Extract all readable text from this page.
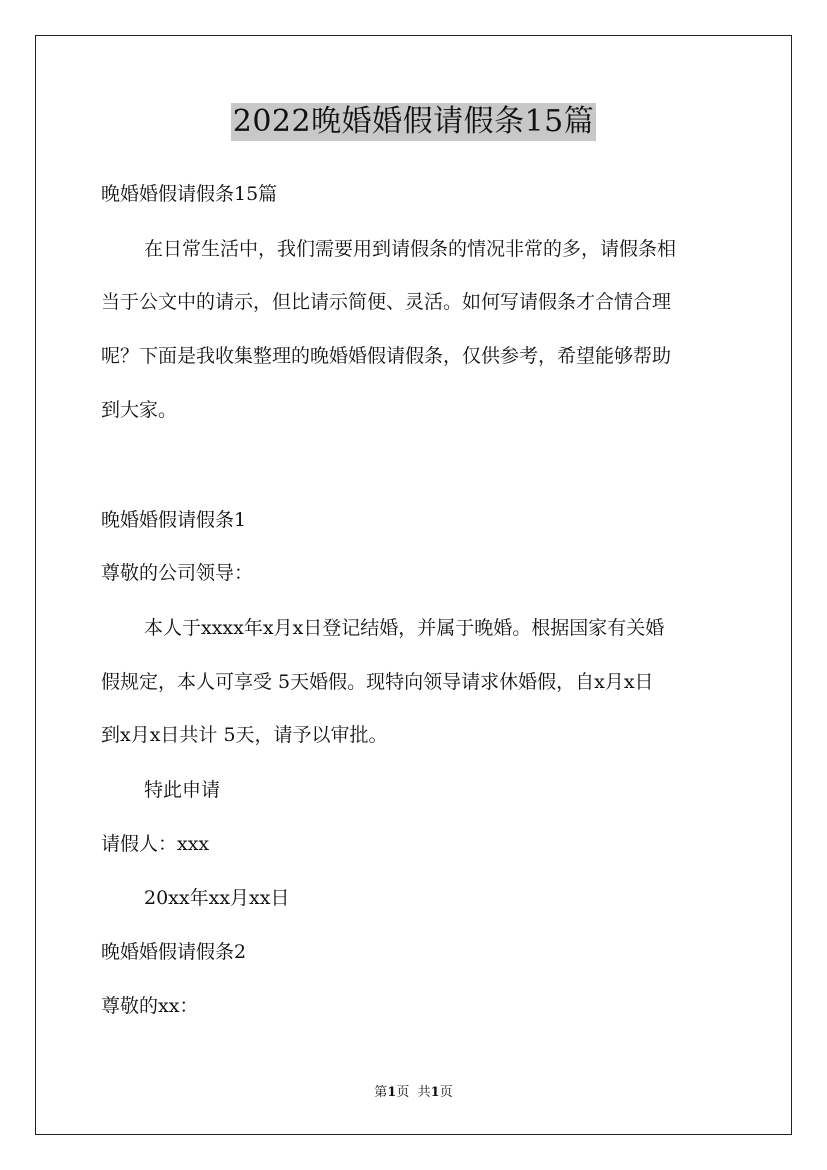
2022晚婚婚假请假条15篇
晚婚婚假请假条15篇
在日常生活中，我们需要用到请假条的情况非常的多，请假条相
当于公文中的请示，但比请示简便、灵活。如何写请假条才合情合理
呢？下面是我收集整理的晚婚婚假请假条，仅供参考，希望能够帮助
到大家。
晚婚婚假请假条1
尊敬的公司领导：
本人于xxxx年x月x日登记结婚，并属于晚婚。根据国家有关婚
假规定，本人可享受 5天婚假。现特向领导请求休婚假，自x月x日
到x月x日共计 5天，请予以审批。
特此申请
请假人：xxx
20xx年xx月xx日
晚婚婚假请假条2
尊敬的xx：
第1页 共1页
